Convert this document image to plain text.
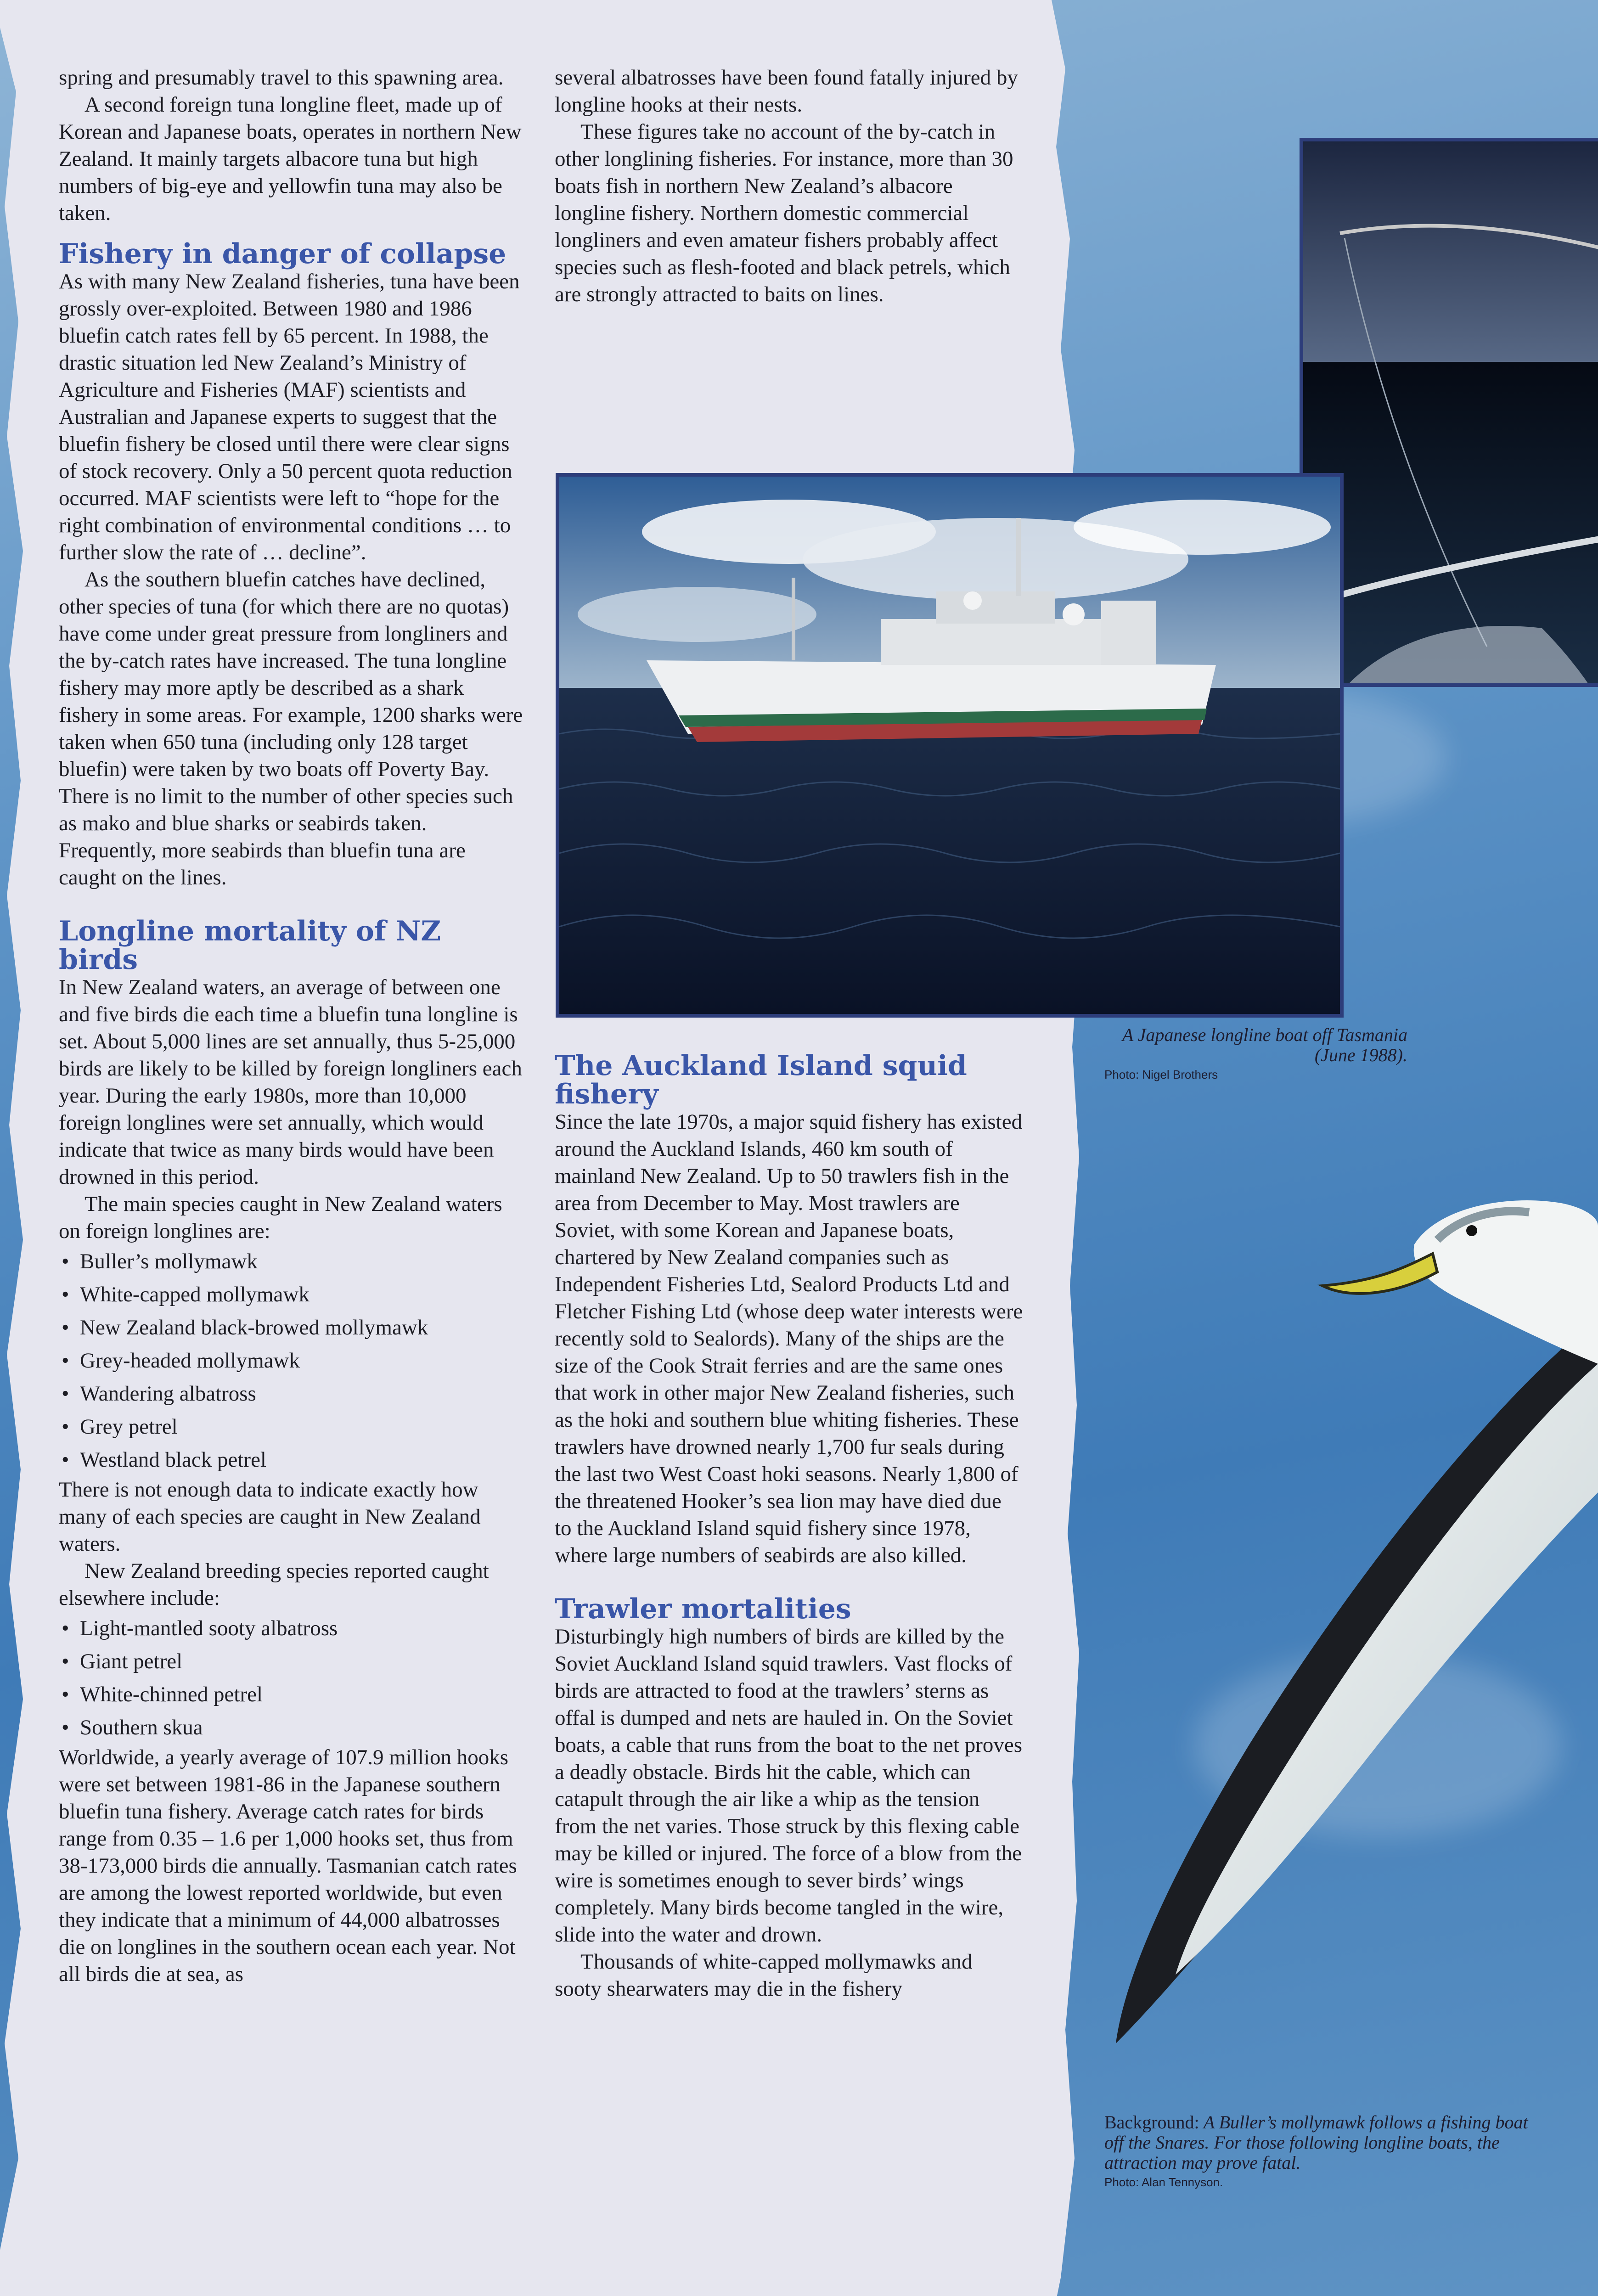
spring and presumably travel to this spawning area.

A second foreign tuna longline fleet, made up of Korean and Japanese boats, operates in northern New Zealand. It mainly targets albacore tuna but high numbers of big-eye and yellowfin tuna may also be taken.

Fishery in danger of collapse

As with many New Zealand fisheries, tuna have been grossly over-exploited. Between 1980 and 1986 bluefin catch rates fell by 65 percent. In 1988, the drastic situation led New Zealand’s Ministry of Agriculture and Fisheries (MAF) scientists and Australian and Japanese experts to suggest that the bluefin fishery be closed until there were clear signs of stock recovery. Only a 50 percent quota reduction occurred. MAF scientists were left to “hope for the right combination of environmental conditions … to further slow the rate of … decline”.

As the southern bluefin catches have declined, other species of tuna (for which there are no quotas) have come under great pressure from longliners and the by-catch rates have increased. The tuna longline fishery may more aptly be described as a shark fishery in some areas. For example, 1200 sharks were taken when 650 tuna (including only 128 target bluefin) were taken by two boats off Poverty Bay. There is no limit to the number of other species such as mako and blue sharks or seabirds taken. Frequently, more seabirds than bluefin tuna are caught on the lines.

Longline mortality of NZ birds

In New Zealand waters, an average of between one and five birds die each time a bluefin tuna longline is set. About 5,000 lines are set annually, thus 5-25,000 birds are likely to be killed by foreign longliners each year. During the early 1980s, more than 10,000 foreign longlines were set annually, which would indicate that twice as many birds would have been drowned in this period.

The main species caught in New Zealand waters on foreign longlines are:

• Buller’s mollymawk
• White-capped mollymawk
• New Zealand black-browed mollymawk
• Grey-headed mollymawk
• Wandering albatross
• Grey petrel
• Westland black petrel

There is not enough data to indicate exactly how many of each species are caught in New Zealand waters.

New Zealand breeding species reported caught elsewhere include:

• Light-mantled sooty albatross
• Giant petrel
• White-chinned petrel
• Southern skua

Worldwide, a yearly average of 107.9 million hooks were set between 1981-86 in the Japanese southern bluefin tuna fishery. Average catch rates for birds range from 0.35 – 1.6 per 1,000 hooks set, thus from 38-173,000 birds die annually. Tasmanian catch rates are among the lowest reported worldwide, but even they indicate that a minimum of 44,000 albatrosses die on longlines in the southern ocean each year. Not all birds die at sea, as

several albatrosses have been found fatally injured by longline hooks at their nests.

These figures take no account of the by-catch in other longlining fisheries. For instance, more than 30 boats fish in northern New Zealand’s albacore longline fishery. Northern domestic commercial longliners and even amateur fishers probably affect species such as flesh-footed and black petrels, which are strongly attracted to baits on lines.

The Auckland Island squid fishery

Since the late 1970s, a major squid fishery has existed around the Auckland Islands, 460 km south of mainland New Zealand. Up to 50 trawlers fish in the area from December to May. Most trawlers are Soviet, with some Korean and Japanese boats, chartered by New Zealand companies such as Independent Fisheries Ltd, Sealord Products Ltd and Fletcher Fishing Ltd (whose deep water interests were recently sold to Sealords). Many of the ships are the size of the Cook Strait ferries and are the same ones that work in other major New Zealand fisheries, such as the hoki and southern blue whiting fisheries. These trawlers have drowned nearly 1,700 fur seals during the last two West Coast hoki seasons. Nearly 1,800 of the threatened Hooker’s sea lion may have died due to the Auckland Island squid fishery since 1978, where large numbers of seabirds are also killed.

Trawler mortalities

Disturbingly high numbers of birds are killed by the Soviet Auckland Island squid trawlers. Vast flocks of birds are attracted to food at the trawlers’ sterns as offal is dumped and nets are hauled in. On the Soviet boats, a cable that runs from the boat to the net proves a deadly obstacle. Birds hit the cable, which can catapult through the air like a whip as the tension from the net varies. Those struck by this flexing cable may be killed or injured. The force of a blow from the wire is sometimes enough to sever birds’ wings completely. Many birds become tangled in the wire, slide into the water and drown.

Thousands of white-capped mollymawks and sooty shearwaters may die in the fishery

A Japanese longline boat off Tasmania (June 1988).
Photo: Nigel Brothers
Background: A Buller’s mollymawk follows a fishing boat off the Snares. For those following longline boats, the attraction may prove fatal.
Photo: Alan Tennyson.
